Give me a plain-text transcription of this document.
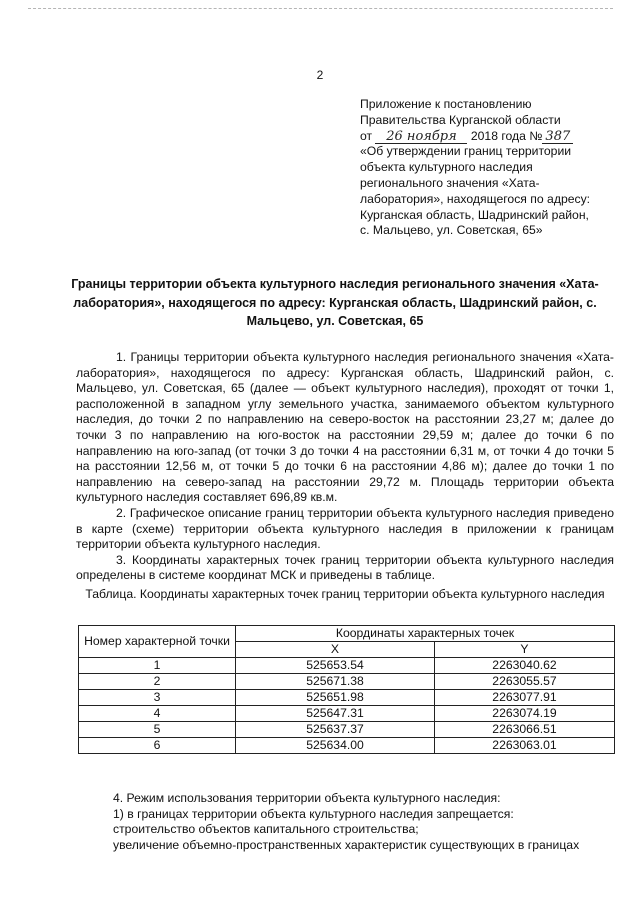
2
Приложение к постановлению
Правительства Курганской области
от 26 ноября 2018 года № 387
«Об утверждении границ территории
объекта культурного наследия
регионального значения «Хата-
лаборатория», находящегося по адресу:
Курганская область, Шадринский район,
с. Мальцево, ул. Советская, 65»
Границы территории объекта культурного наследия регионального значения «Хата-лаборатория», находящегося по адресу: Курганская область, Шадринский район, с. Мальцево, ул. Советская, 65

1. Границы территории объекта культурного наследия регионального значения «Хата-лаборатория», находящегося по адресу: Курганская область, Шадринский район, с. Мальцево, ул. Советская, 65 (далее — объект культурного наследия), проходят от точки 1, расположенной в западном углу земельного участка, занимаемого объектом культурного наследия, до точки 2 по направлению на северо-восток на расстоянии 23,27 м; далее до точки 3 по направлению на юго-восток на расстоянии 29,59 м; далее до точки 6 по направлению на юго-запад (от точки 3 до точки 4 на расстоянии 6,31 м, от точки 4 до точки 5 на расстоянии 12,56 м, от точки 5 до точки 6 на расстоянии 4,86 м); далее до точки 1 по направлению на северо-запад на расстоянии 29,72 м. Площадь территории объекта культурного наследия составляет 696,89 кв.м.

2. Графическое описание границ территории объекта культурного наследия приведено в карте (схеме) территории объекта культурного наследия в приложении к границам территории объекта культурного наследия.

3. Координаты характерных точек границ территории объекта культурного наследия определены в системе координат МСК и приведены в таблице.

Таблица. Координаты характерных точек границ территории объекта культурного наследия
Номер характерной точки	Координаты характерных точек	
	X	Y
1	525653.54	2263040.62
2	525671.38	2263055.57
3	525651.98	2263077.91
4	525647.31	2263074.19
5	525637.37	2263066.51
6	525634.00	2263063.01
4. Режим использования территории объекта культурного наследия:
1) в границах территории объекта культурного наследия запрещается:
строительство объектов капитального строительства;
увеличение объемно-пространственных характеристик существующих в границах
